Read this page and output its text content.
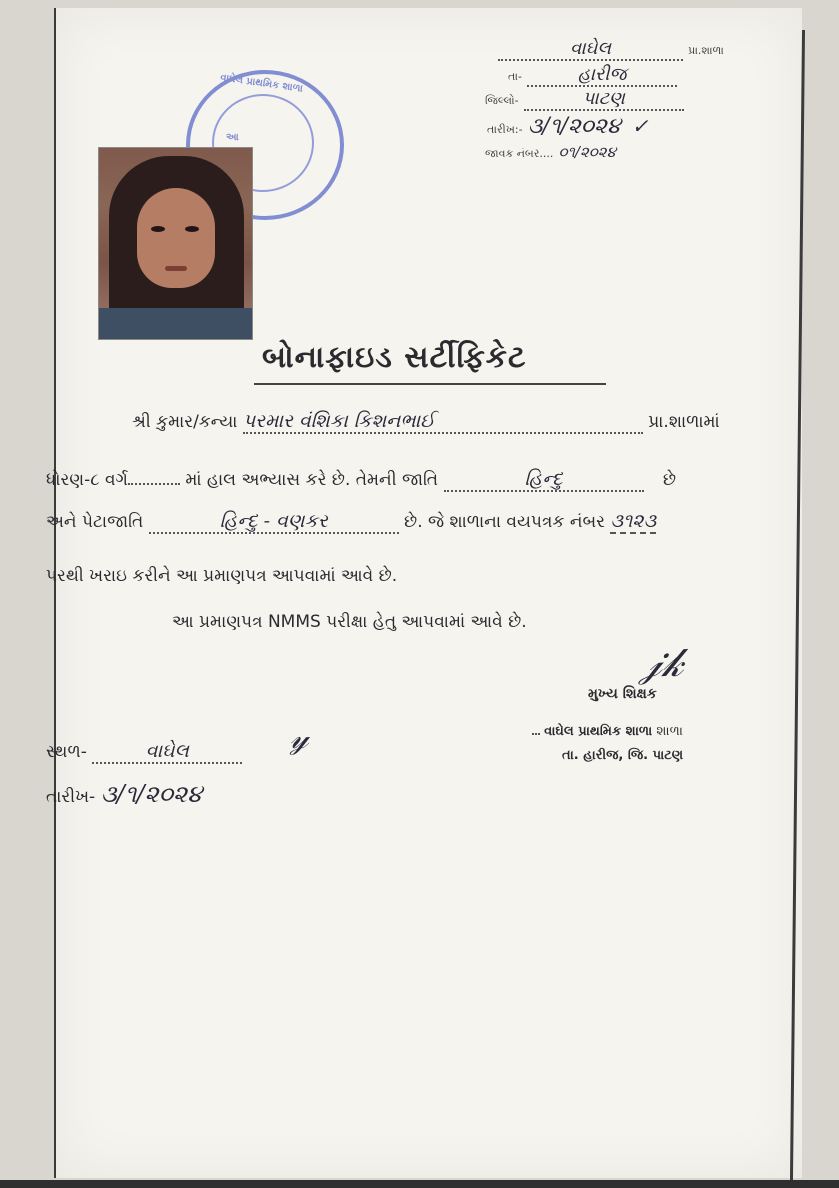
વાઘેલ	પ્રા.શાળા
તા-	હારીજ
જિલ્લો-	પાટણ
તારીખ:- ૩/૧/૨૦૨૪ ✓
જાવક નંબર.... ૦૧/૨૦૨૪
વાઘેલ પ્રાથમિક શાળા
આ
બોનાફાઇડ સર્ટીફિકેટ
શ્રી કુમાર/કન્યા પરમાર વંશિકા કિશનભાઈ	પ્રા.શાળામાં
ધોરણ-૮ વર્ગ	માં હાલ અભ્યાસ કરે છે. તેમની જાતિ	હિન્દુ	છે
અને પેટાજાતિ	હિન્દુ - વણકર	છે. જે શાળાના વયપત્રક નંબર ૩૧૨૩
પરથી ખરાઇ કરીને આ પ્રમાણપત્ર આપવામાં આવે છે.
આ પ્રમાણપત્ર NMMS પરીક્ષા હેતુ આપવામાં આવે છે.
𝒿𝓀
મુખ્ય શિક્ષક
વાઘેલ પ્રાથમિક શાળા શાળા
તા. હારીજ, જિ. પાટણ
𝓎
સ્થળ-	વાઘેલ
તારીખ- ૩/૧/૨૦૨૪
